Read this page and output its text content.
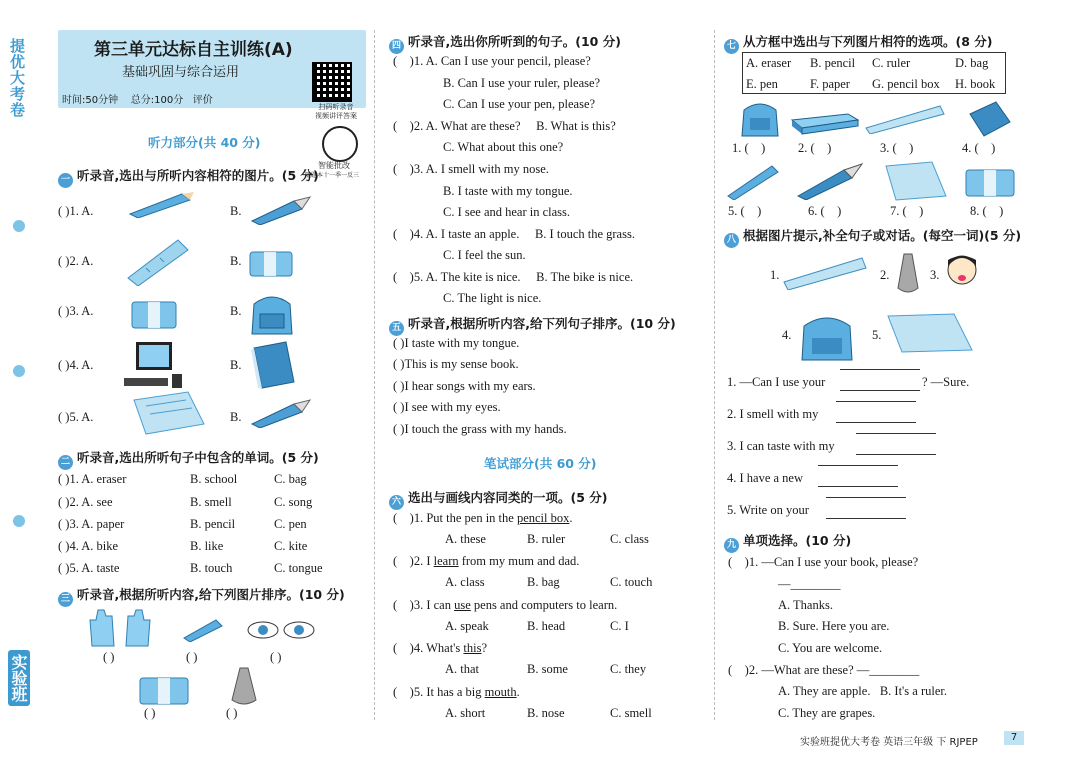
提优大考卷
实验班
第三单元达标自主训练(A)
基础巩固与综合运用
时间:50分钟    总分:100分   评价
扫码听录音
视频讲评答案
智能批改
随题本十一季一反三
听力部分(共 40 分)
一 听录音,选出与所听内容相符的图片。(5 分)
二 听录音,选出所听句子中包含的单词。(5 分)
三 听录音,根据所听内容,给下列图片排序。(10 分)
( )	( )	( )
( )	( )
四 听录音,选出你所听到的句子。(10 分)
五 听录音,根据所听内容,给下列句子排序。(10 分)
笔试部分(共 60 分)
六 选出与画线内容同类的一项。(5 分)
七 从方框中选出与下列图片相符的选项。(8 分)
八 根据图片提示,补全句子或对话。(每空一词)(5 分)
1.	2.	3.
4.	5.
九 单项选择。(10 分)
实验班提优大考卷 英语三年级 下 RJPEP	7
( )1. A.	B.
( )2. A.	B.
( )3. A.	B.
( )4. A.	B.
( )5. A.	B.
( )1. A. eraser	B. school	C. bag
( )2. A. see	B. smell	C. song
( )3. A. paper	B. pencil	C. pen
( )4. A. bike	B. like	C. kite
( )5. A. taste	B. touch	C. tongue
(    )1. A. Can I use your pencil, please?
B. Can I use your ruler, please?
C. Can I use your pen, please?
(    )2. A. What are these?     B. What is this?
C. What about this one?
(    )3. A. I smell with my nose.
B. I taste with my tongue.
C. I see and hear in class.
(    )4. A. I taste an apple.     B. I touch the grass.
C. I feel the sun.
(    )5. A. The kite is nice.     B. The bike is nice.
C. The light is nice.
( )I taste with my tongue.
( )This is my sense book.
( )I hear songs with my ears.
( )I see with my eyes.
( )I touch the grass with my hands.
(    )1. Put the pen in the pencil box.
A. these	B. ruler	C. class
(    )2. I learn from my mum and dad.
A. class	B. bag	C. touch
(    )3. I can use pens and computers to learn.
A. speak	B. head	C. I
(    )4. What's this?
A. that	B. some	C. they
(    )5. It has a big mouth.
A. short	B. nose	C. smell
A. eraser B. pencil C. ruler	D. bag
E. pen	F. paper G. pencil box H. book
1. (    )	2. (    )	3. (    )	4. (    )
5. (    )	6. (    )	7. (    )	8. (    )
1. —Can I use your	? —Sure.
2. I smell with my
3. I can taste with my
4. I have a new
5. Write on your
(    )1. —Can I use your book, please?
—________
A. Thanks.
B. Sure. Here you are.
C. You are welcome.
(    )2. —What are these? —________
A. They are apple.   B. It's a ruler.
C. They are grapes.
